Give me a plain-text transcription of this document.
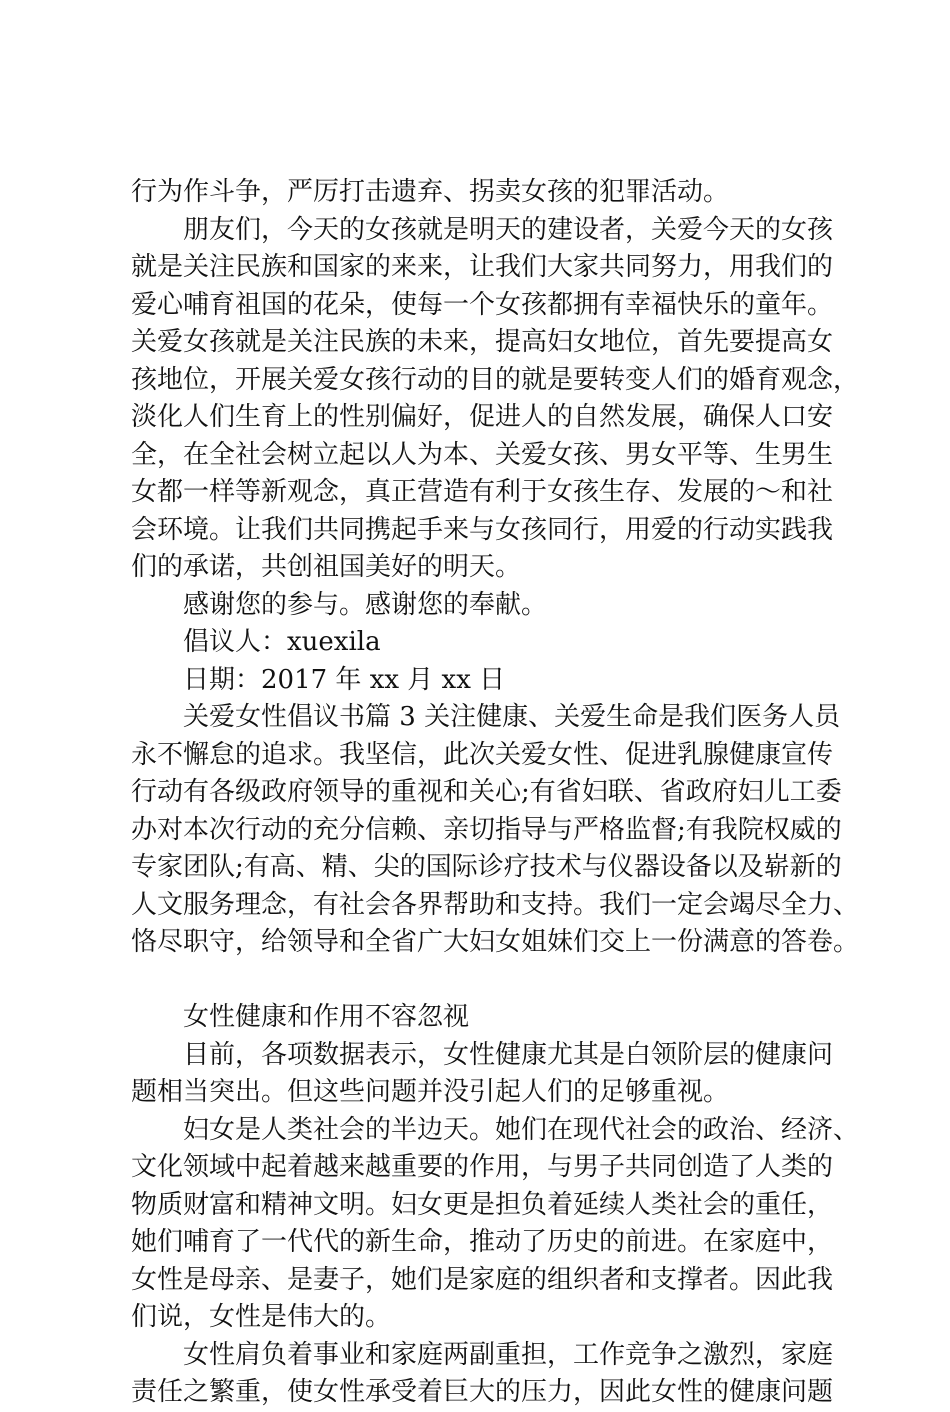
行为作斗争，严厉打击遗弃、拐卖女孩的犯罪活动。
朋友们，今天的女孩就是明天的建设者，关爱今天的女孩
就是关注民族和国家的来来，让我们大家共同努力，用我们的
爱心哺育祖国的花朵，使每一个女孩都拥有幸福快乐的童年。
关爱女孩就是关注民族的未来，提高妇女地位，首先要提高女
孩地位，开展关爱女孩行动的目的就是要转变人们的婚育观念，
淡化人们生育上的性别偏好，促进人的自然发展，确保人口安
全，在全社会树立起以人为本、关爱女孩、男女平等、生男生
女都一样等新观念，真正营造有利于女孩生存、发展的～和社
会环境。让我们共同携起手来与女孩同行，用爱的行动实践我
们的承诺，共创祖国美好的明天。
感谢您的参与。感谢您的奉献。
倡议人：xuexila
日期：2017 年 xx 月 xx 日
关爱女性倡议书篇 3 关注健康、关爱生命是我们医务人员
永不懈怠的追求。我坚信，此次关爱女性、促进乳腺健康宣传
行动有各级政府领导的重视和关心;有省妇联、省政府妇儿工委
办对本次行动的充分信赖、亲切指导与严格监督;有我院权威的
专家团队;有高、精、尖的国际诊疗技术与仪器设备以及崭新的
人文服务理念，有社会各界帮助和支持。我们一定会竭尽全力、
恪尽职守，给领导和全省广大妇女姐妹们交上一份满意的答卷。
女性健康和作用不容忽视
目前，各项数据表示，女性健康尤其是白领阶层的健康问
题相当突出。但这些问题并没引起人们的足够重视。
妇女是人类社会的半边天。她们在现代社会的政治、经济、
文化领域中起着越来越重要的作用，与男子共同创造了人类的
物质财富和精神文明。妇女更是担负着延续人类社会的重任，
她们哺育了一代代的新生命，推动了历史的前进。在家庭中，
女性是母亲、是妻子，她们是家庭的组织者和支撑者。因此我
们说，女性是伟大的。
女性肩负着事业和家庭两副重担，工作竞争之激烈，家庭
责任之繁重，使女性承受着巨大的压力，因此女性的健康问题
